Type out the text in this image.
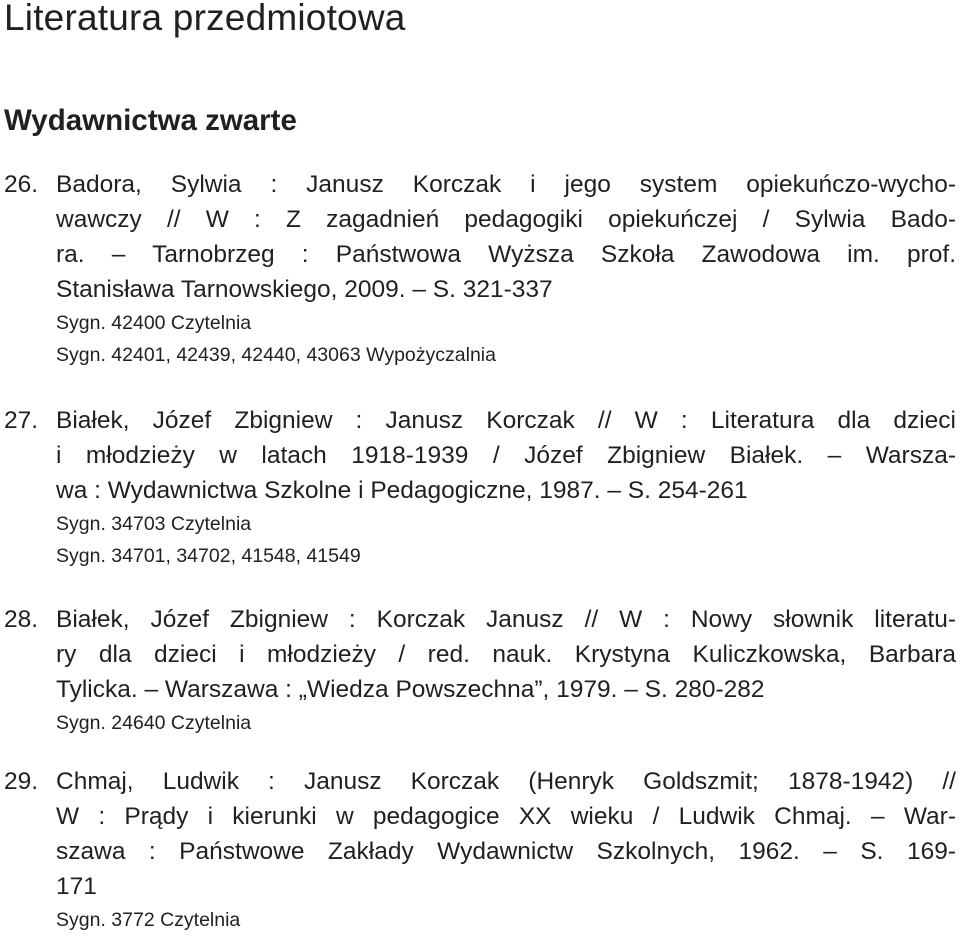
Literatura przedmiotowa
Wydawnictwa zwarte
26. Badora, Sylwia : Janusz Korczak i jego system opiekuńczo-wycho-
wawczy // W : Z zagadnień pedagogiki opiekuńczej / Sylwia Bado-
ra. – Tarnobrzeg : Państwowa Wyższa Szkoła Zawodowa im. prof.
Stanisława Tarnowskiego, 2009. – S. 321-337
Sygn. 42400 Czytelnia
Sygn. 42401, 42439, 42440, 43063 Wypożyczalnia
27. Białek, Józef Zbigniew : Janusz Korczak // W : Literatura dla dzieci
i młodzieży w latach 1918-1939 / Józef Zbigniew Białek. – Warsza-
wa : Wydawnictwa Szkolne i Pedagogiczne, 1987. – S. 254-261
Sygn. 34703 Czytelnia
Sygn. 34701, 34702, 41548, 41549
28. Białek, Józef Zbigniew : Korczak Janusz // W : Nowy słownik literatu-
ry dla dzieci i młodzieży / red. nauk. Krystyna Kuliczkowska, Barbara
Tylicka. – Warszawa : „Wiedza Powszechna”, 1979. – S. 280-282
Sygn. 24640 Czytelnia
29. Chmaj, Ludwik : Janusz Korczak (Henryk Goldszmit; 1878-1942) //
W : Prądy i kierunki w pedagogice XX wieku / Ludwik Chmaj. – War-
szawa : Państwowe Zakłady Wydawnictw Szkolnych, 1962. – S. 169-
171
Sygn. 3772 Czytelnia
